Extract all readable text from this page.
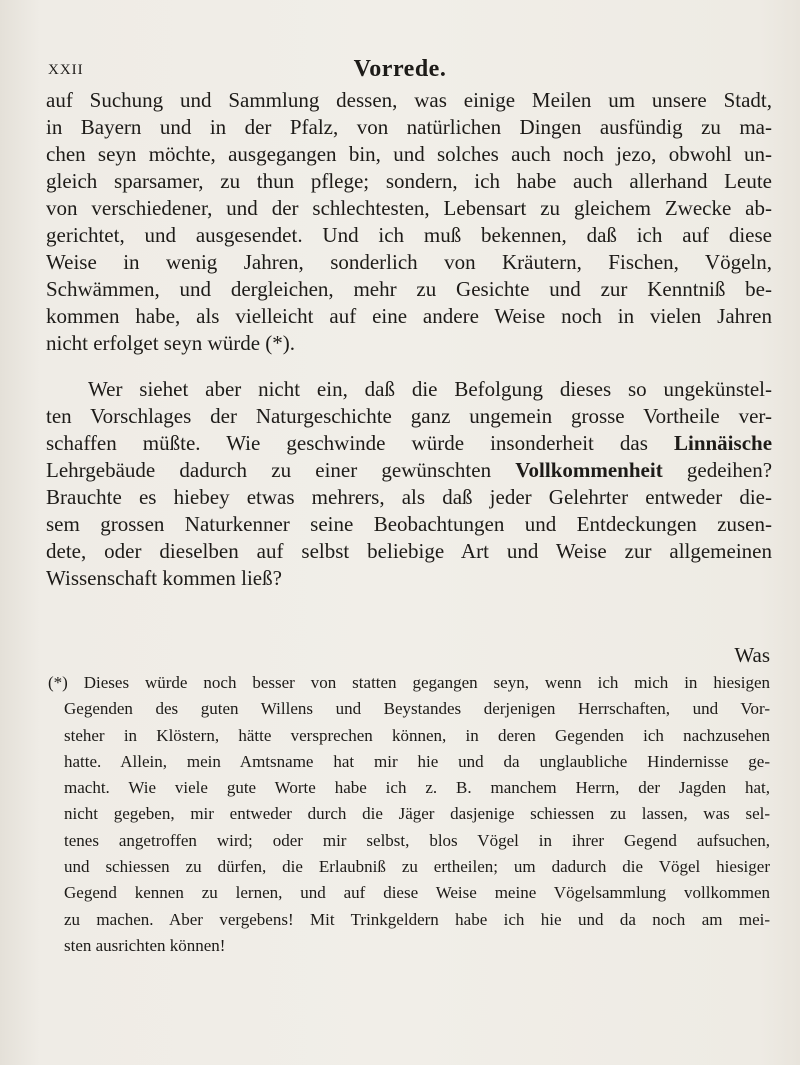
XXII	Vorrede.
auf Suchung und Sammlung dessen, was einige Meilen um unsere Stadt,
in Bayern und in der Pfalz, von natürlichen Dingen ausfündig zu ma-
chen seyn möchte, ausgegangen bin, und solches auch noch jezo, obwohl un-
gleich sparsamer, zu thun pflege; sondern, ich habe auch allerhand Leute
von verschiedener, und der schlechtesten, Lebensart zu gleichem Zwecke ab-
gerichtet, und ausgesendet. Und ich muß bekennen, daß ich auf diese
Weise in wenig Jahren, sonderlich von Kräutern, Fischen, Vögeln,
Schwämmen, und dergleichen, mehr zu Gesichte und zur Kenntniß be-
kommen habe, als vielleicht auf eine andere Weise noch in vielen Jahren
nicht erfolget seyn würde (*).
Wer siehet aber nicht ein, daß die Befolgung dieses so ungekünstel-
ten Vorschlages der Naturgeschichte ganz ungemein grosse Vortheile ver-
schaffen müßte. Wie geschwinde würde insonderheit das Linnäische
Lehrgebäude dadurch zu einer gewünschten Vollkommenheit gedeihen?
Brauchte es hiebey etwas mehrers, als daß jeder Gelehrter entweder die-
sem grossen Naturkenner seine Beobachtungen und Entdeckungen zusen-
dete, oder dieselben auf selbst beliebige Art und Weise zur allgemeinen
Wissenschaft kommen ließ?
Was
(*) Dieses würde noch besser von statten gegangen seyn, wenn ich mich in hiesigen
Gegenden des guten Willens und Beystandes derjenigen Herrschaften, und Vor-
steher in Klöstern, hätte versprechen können, in deren Gegenden ich nachzusehen
hatte. Allein, mein Amtsname hat mir hie und da unglaubliche Hindernisse ge-
macht. Wie viele gute Worte habe ich z. B. manchem Herrn, der Jagden hat,
nicht gegeben, mir entweder durch die Jäger dasjenige schiessen zu lassen, was sel-
tenes angetroffen wird; oder mir selbst, blos Vögel in ihrer Gegend aufsuchen,
und schiessen zu dürfen, die Erlaubniß zu ertheilen; um dadurch die Vögel hiesiger
Gegend kennen zu lernen, und auf diese Weise meine Vögelsammlung vollkommen
zu machen. Aber vergebens! Mit Trinkgeldern habe ich hie und da noch am mei-
sten ausrichten können!
